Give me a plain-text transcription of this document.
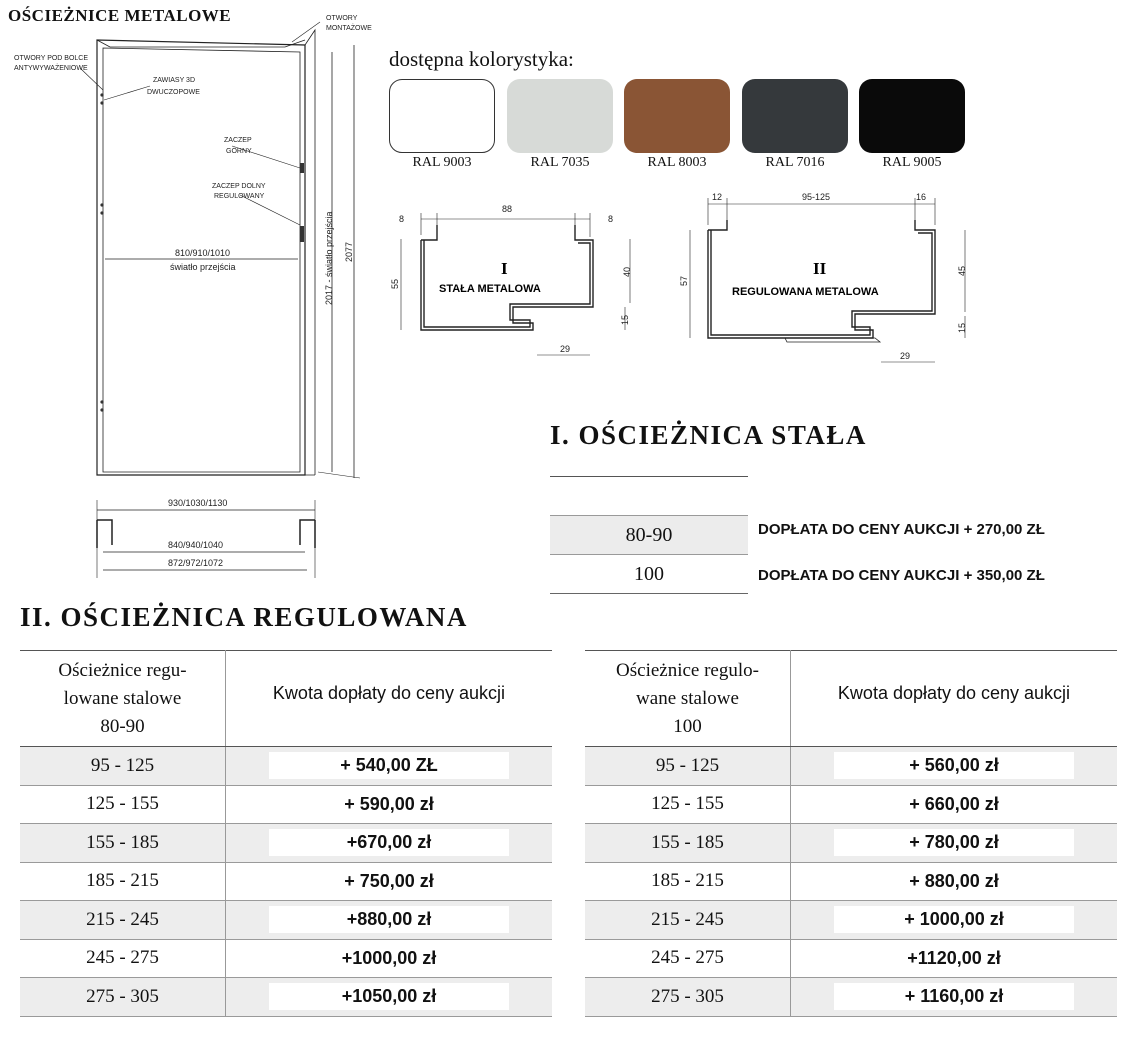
OŚCIEŻNICE METALOWE	OTWORY
MONTAŻOWE
OTWORY POD BOLCE
ANTYWYWAŻENIOWE
ZAWIASY 3D
DWUCZOPOWE
ZACZEP
GÓRNY
ZACZEP DOLNY
REGULOWANY
810/910/1010
światło przejścia	2017 - światło przejścia 2077
930/1030/1130
840/940/1040
872/972/1072
dostępna kolorystyka:
RAL 9003	RAL 7035	RAL 8003	RAL 7016	RAL 9005
8
88
8
55
40
15
29
I
STAŁA METALOWA
12	95-125	16
57
45
15
29
II
REGULOWANA METALOWA
I. OŚCIEŻNICA STAŁA
80-90	DOPŁATA DO CENY AUKCJI + 270,00 ZŁ
100	DOPŁATA DO CENY AUKCJI + 350,00 ZŁ
II. OŚCIEŻNICA REGULOWANA
Ościeżnice regu-
lowane stalowe
80-90	Kwota dopłaty do ceny aukcji
95 - 125	+ 540,00 ZŁ
125 - 155	+ 590,00 zł
155 - 185	+670,00 zł
185 - 215	+ 750,00 zł
215 - 245	+880,00 zł
245 - 275	+1000,00 zł
275 - 305	+1050,00 zł
Ościeżnice regulo-
wane stalowe
100	Kwota dopłaty do ceny aukcji
95 - 125	+ 560,00 zł
125 - 155	+ 660,00 zł
155 - 185	+ 780,00 zł
185 - 215	+ 880,00 zł
215 - 245	+ 1000,00 zł
245 - 275	+1120,00 zł
275 - 305	+ 1160,00 zł
